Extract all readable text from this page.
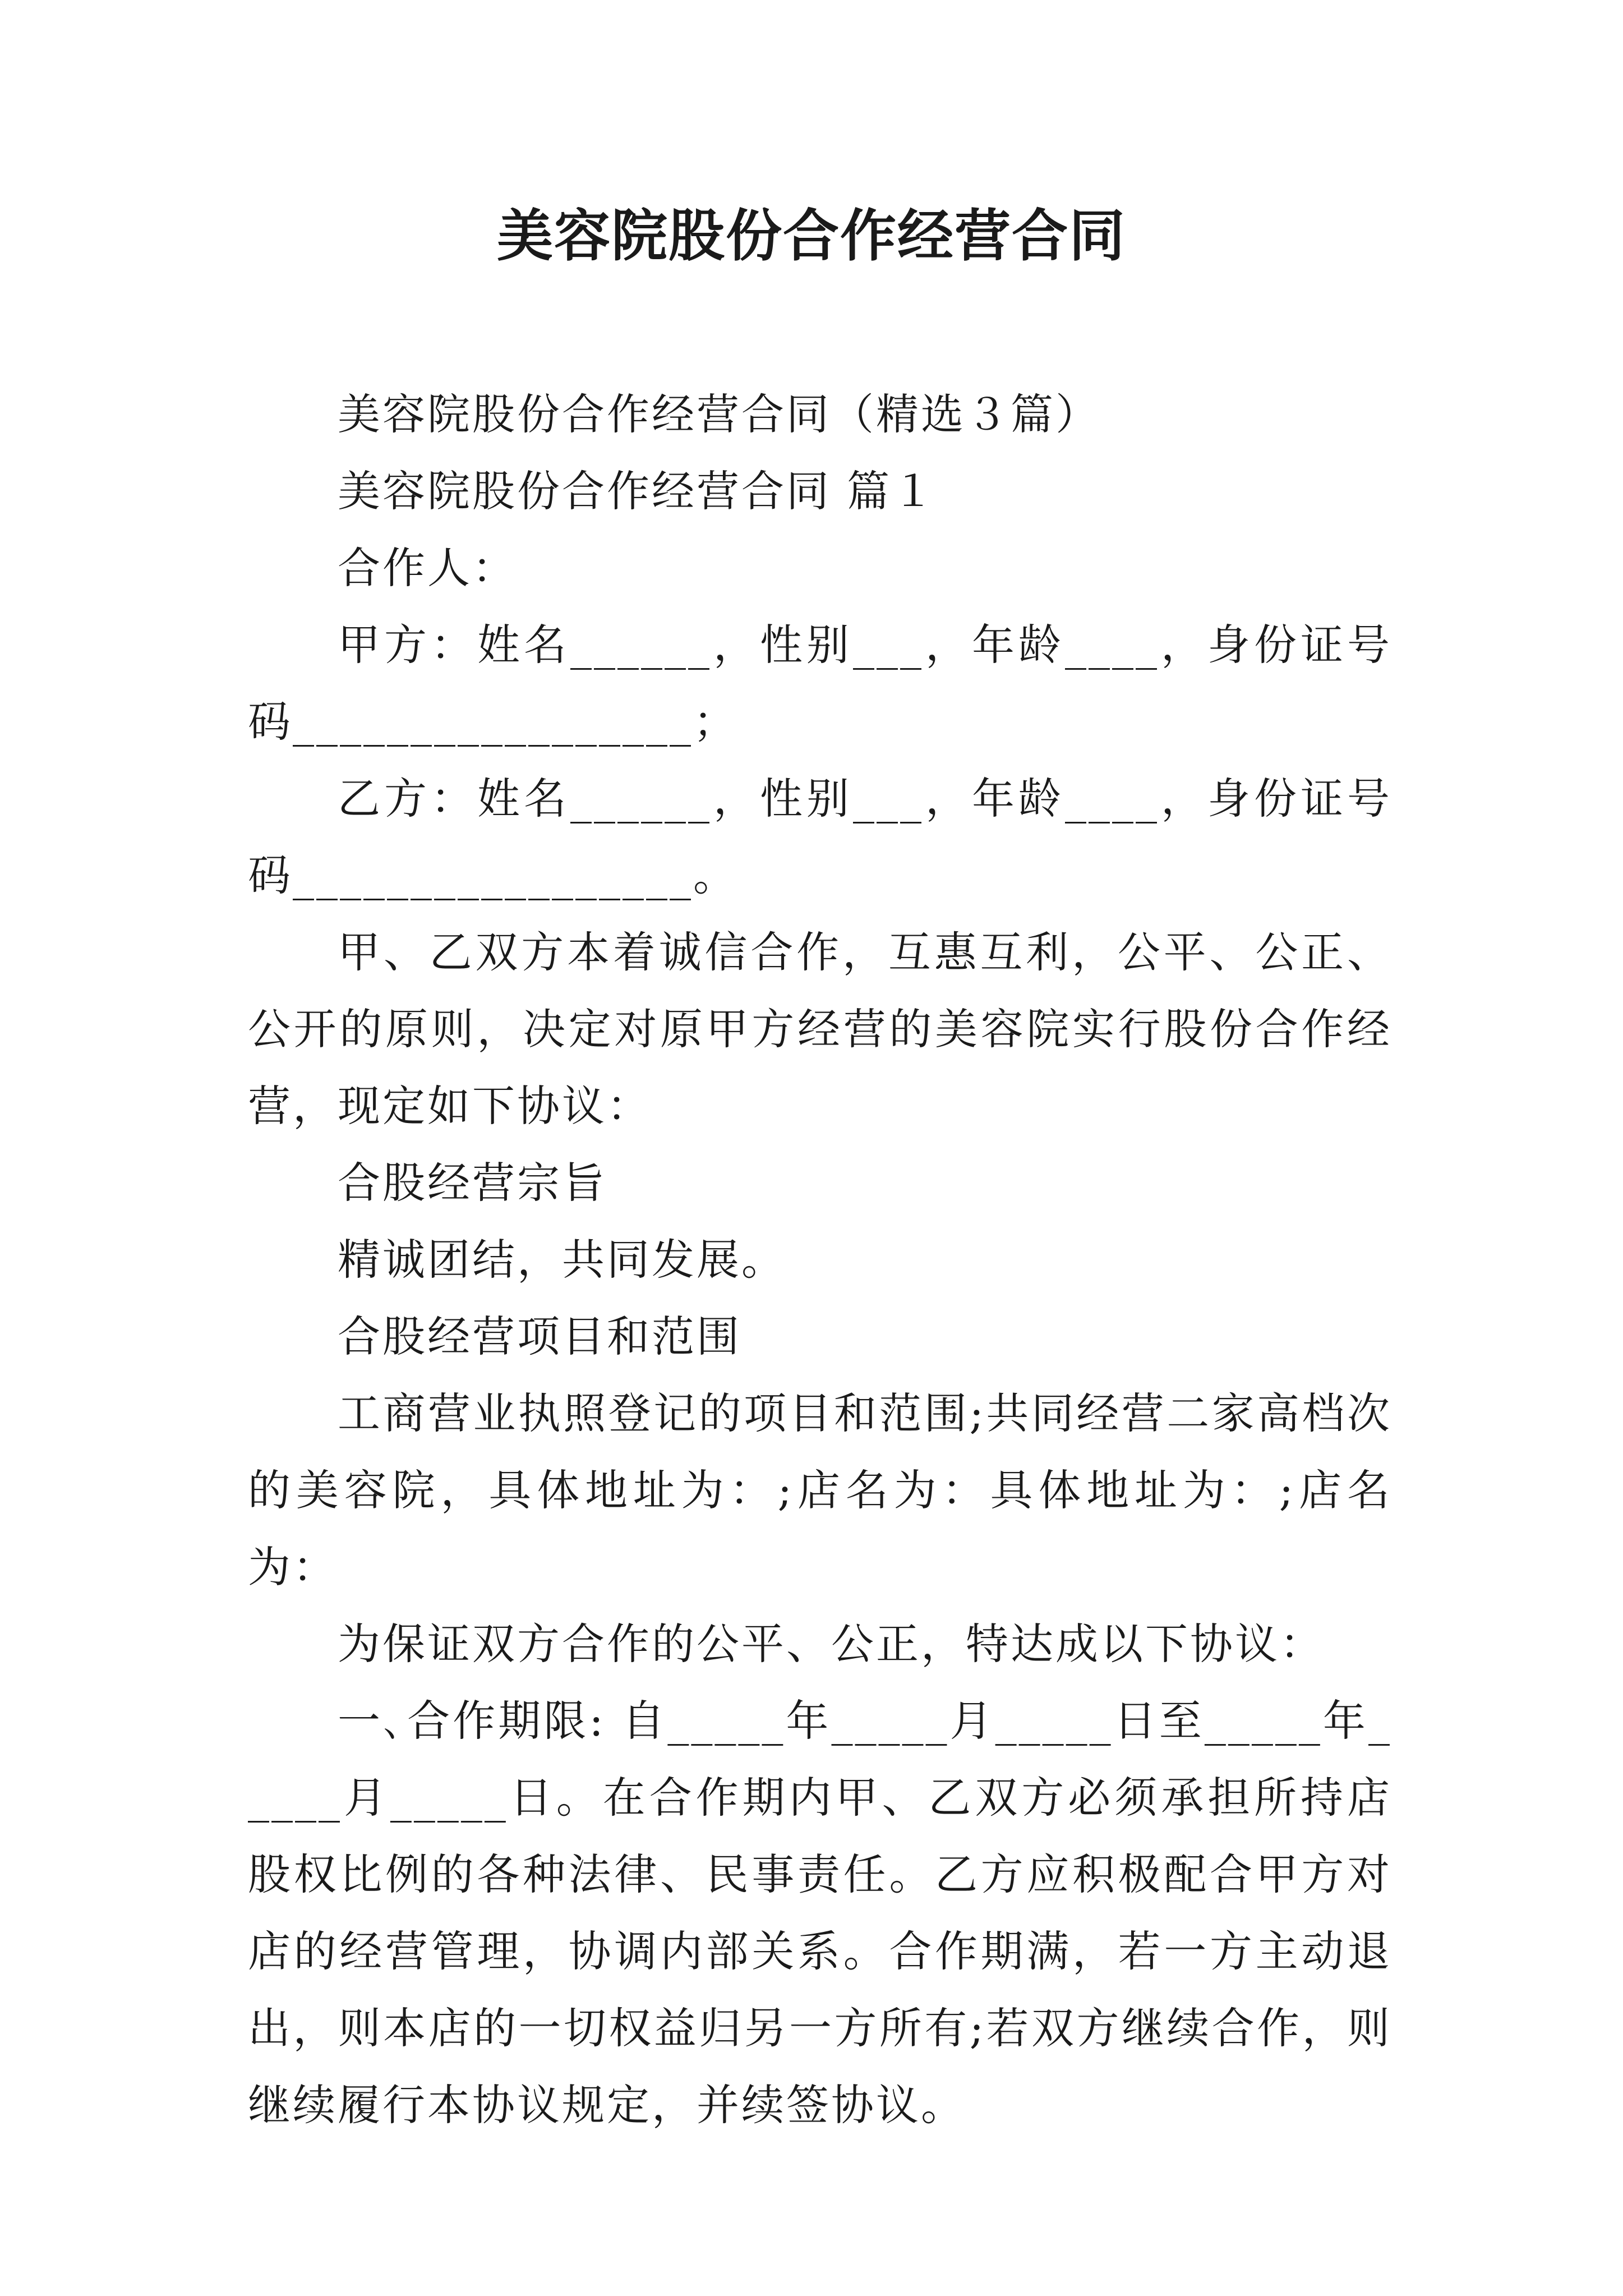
美容院股份合作经营合同

美容院股份合作经营合同（精选３篇）

美容院股份合作经营合同 篇１

合作人：

甲方：姓名______，性别___，年龄____，身份证号码_________________；

乙方：姓名______，性别___，年龄____，身份证号码_________________。

甲、乙双方本着诚信合作，互惠互利，公平、公正、公开的原则，决定对原甲方经营的美容院实行股份合作经营，现定如下协议：

合股经营宗旨

精诚团结，共同发展。

合股经营项目和范围

工商营业执照登记的项目和范围;共同经营二家高档次的美容院，具体地址为：;店名为：具体地址为：;店名为：

为保证双方合作的公平、公正，特达成以下协议：

一､合作期限: 自_____年_____月_____日至_____年_____月_____日。在合作期内甲、乙双方必须承担所持店股权比例的各种法律、民事责任。乙方应积极配合甲方对店的经营管理，协调内部关系。合作期满，若一方主动退出，则本店的一切权益归另一方所有;若双方继续合作，则继续履行本协议规定，并续签协议。
